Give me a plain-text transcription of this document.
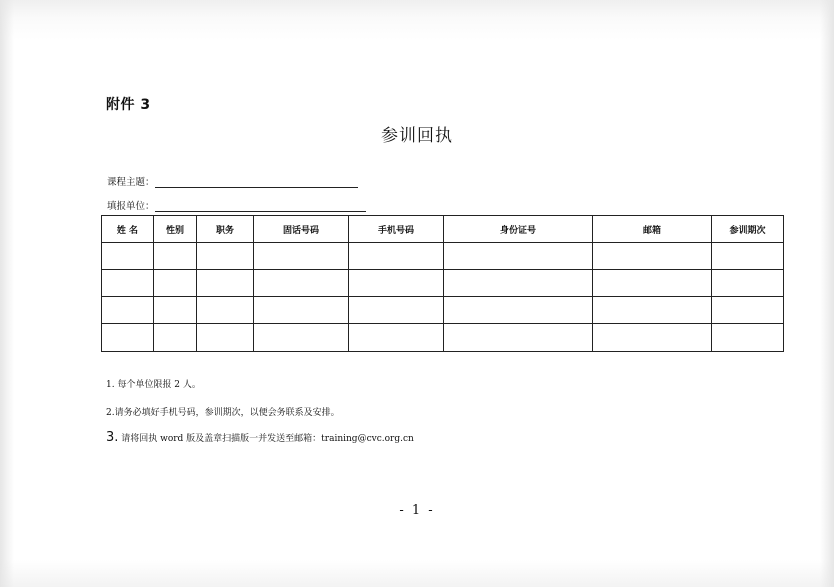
附件 3
参训回执
课程主题：
填报单位：
姓 名	性别	职务	固话号码	手机号码	身份证号	邮箱	参训期次

1. 每个单位限报 2 人。
2.请务必填好手机号码，参训期次，以便会务联系及安排。
3. 请将回执 word 版及盖章扫描版一并发送至邮箱：training@cvc.org.cn
- 1 -
